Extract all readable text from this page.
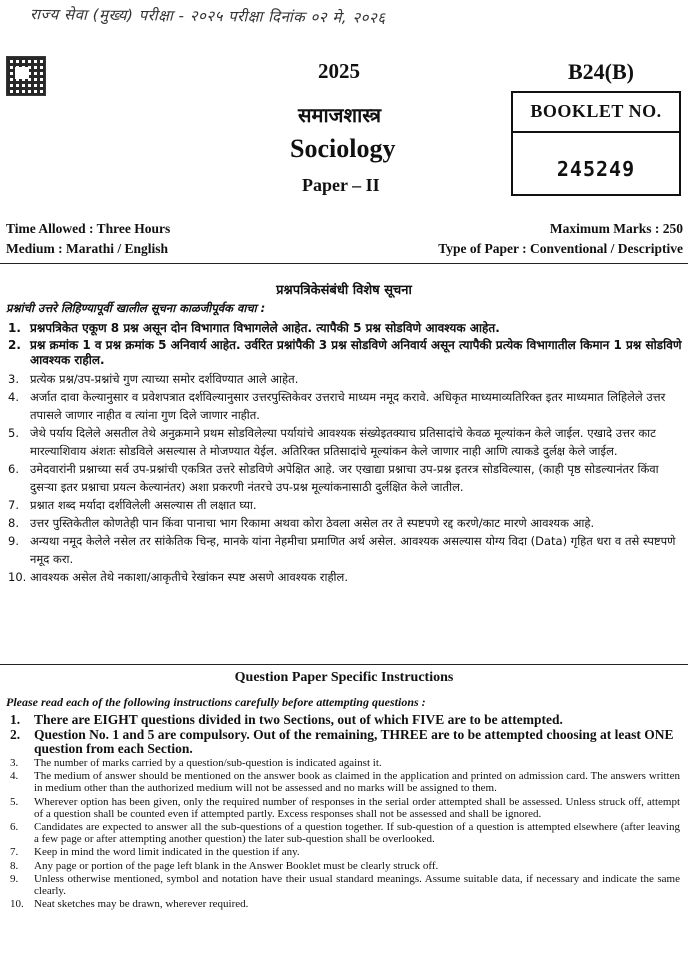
राज्य सेवा (मुख्य) परीक्षा - २०२५ परीक्षा दिनांक ०२ मे, २०२६
2025	B24(B)
समाजशास्त्र
Sociology
Paper – II
BOOKLET NO.
245249
Time Allowed : Three Hours	Maximum Marks : 250
Medium : Marathi / English	Type of Paper : Conventional / Descriptive
प्रश्नपत्रिकेसंबंधी विशेष सूचना
प्रश्नांची उत्तरे लिहिण्यापूर्वी खालील सूचना काळजीपूर्वक वाचा :
1. प्रश्नपत्रिकेत एकूण 8 प्रश्न असून दोन विभागात विभागलेले आहेत. त्यापैकी 5 प्रश्न सोडविणे आवश्यक आहेत.
2. प्रश्न क्रमांक 1 व प्रश्न क्रमांक 5 अनिवार्य आहेत. उर्वरित प्रश्नांपैकी 3 प्रश्न सोडविणे अनिवार्य असून त्यापैकी प्रत्येक विभागातील किमान 1 प्रश्न सोडविणे आवश्यक राहील.
3. प्रत्येक प्रश्न/उप-प्रश्नांचे गुण त्याच्या समोर दर्शविण्यात आले आहेत.
4. अर्जात दावा केल्यानुसार व प्रवेशपत्रात दर्शविल्यानुसार उत्तरपुस्तिकेवर उत्तराचे माध्यम नमूद करावे. अधिकृत माध्यमाव्यतिरिक्त इतर माध्यमात लिहिलेले उत्तर तपासले जाणार नाहीत व त्यांना गुण दिले जाणार नाहीत.
5. जेथे पर्याय दिलेले असतील तेथे अनुक्रमाने प्रथम सोडविलेल्या पर्यायांचे आवश्यक संख्येइतक्याच प्रतिसादांचे केवळ मूल्यांकन केले जाईल. एखादे उत्तर काट मारल्याशिवाय अंशतः सोडविले असल्यास ते मोजण्यात येईल. अतिरिक्त प्रतिसादांचे मूल्यांकन केले जाणार नाही आणि त्याकडे दुर्लक्ष केले जाईल.
6. उमेदवारांनी प्रश्नाच्या सर्व उप-प्रश्नांची एकत्रित उत्तरे सोडविणे अपेक्षित आहे. जर एखाद्या प्रश्नाचा उप-प्रश्न इतरत्र सोडविल्यास, (काही पृष्ठ सोडल्यानंतर किंवा दुसऱ्या इतर प्रश्नाचा प्रयत्न केल्यानंतर) अशा प्रकरणी नंतरचे उप-प्रश्न मूल्यांकनासाठी दुर्लक्षित केले जातील.
7. प्रश्नात शब्द मर्यादा दर्शविलेली असल्यास ती लक्षात घ्या.
8. उत्तर पुस्तिकेतील कोणतेही पान किंवा पानाचा भाग रिकामा अथवा कोरा ठेवला असेल तर ते स्पष्टपणे रद्द करणे/काट मारणे आवश्यक आहे.
9. अन्यथा नमूद केलेले नसेल तर सांकेतिक चिन्ह, मानके यांना नेहमीचा प्रमाणित अर्थ असेल. आवश्यक असल्यास योग्य विदा (Data) गृहित धरा व तसे स्पष्टपणे नमूद करा.
10. आवश्यक असेल तेथे नकाशा/आकृतीचे रेखांकन स्पष्ट असणे आवश्यक राहील.
Question Paper Specific Instructions
Please read each of the following instructions carefully before attempting questions :
1. There are EIGHT questions divided in two Sections, out of which FIVE are to be attempted.
2. Question No. 1 and 5 are compulsory. Out of the remaining, THREE are to be attempted choosing at least ONE question from each Section.
3. The number of marks carried by a question/sub-question is indicated against it.
4. The medium of answer should be mentioned on the answer book as claimed in the application and printed on admission card. The answers written in medium other than the authorized medium will not be assessed and no marks will be assigned to them.
5. Wherever option has been given, only the required number of responses in the serial order attempted shall be assessed. Unless struck off, attempt of a question shall be counted even if attempted partly. Excess responses shall not be assessed and shall be ignored.
6. Candidates are expected to answer all the sub-questions of a question together. If sub-question of a question is attempted elsewhere (after leaving a few page or after attempting another question) the later sub-question shall be overlooked.
7. Keep in mind the word limit indicated in the question if any.
8. Any page or portion of the page left blank in the Answer Booklet must be clearly struck off.
9. Unless otherwise mentioned, symbol and notation have their usual standard meanings. Assume suitable data, if necessary and indicate the same clearly.
10. Neat sketches may be drawn, wherever required.
